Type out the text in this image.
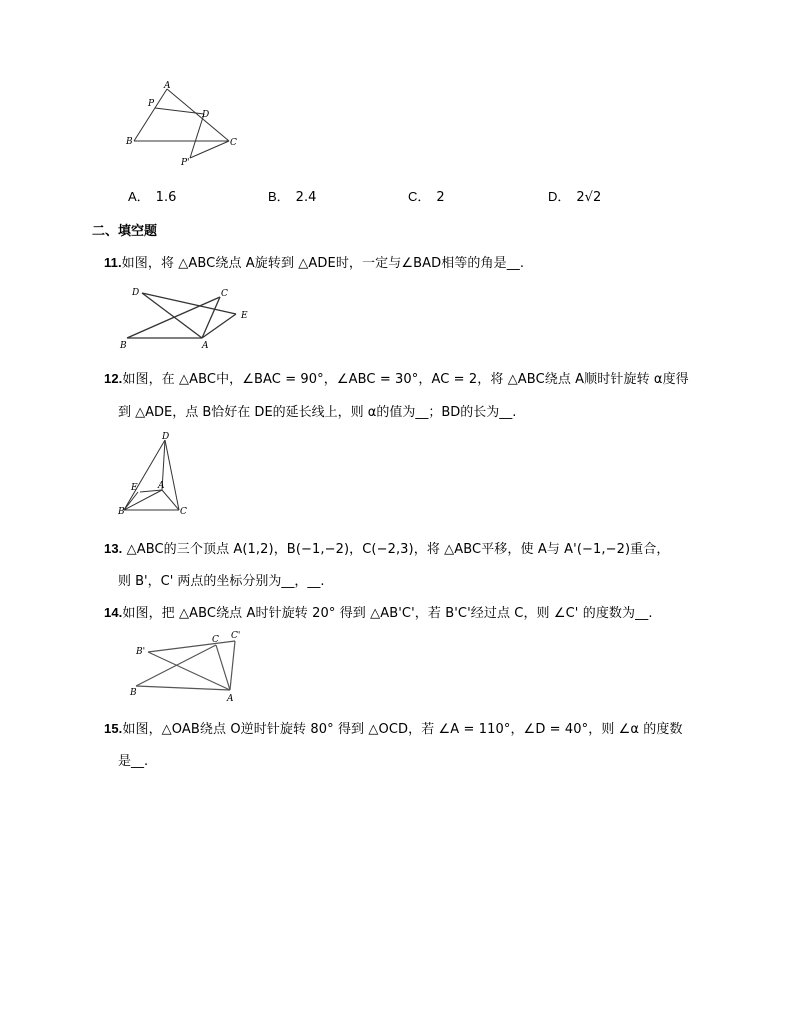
A
P
D
B	C
P'
A． 1.6	B． 2.4	C． 2	D． 2√2
二、填空题
11.如图，将 △ABC绕点 A旋转到 △ADE时，一定与∠BAD相等的角是__.
D	C
E
B	A
12.如图，在 △ABC中，∠BAC = 90°，∠ABC = 30°，AC = 2，将 △ABC绕点 A顺时针旋转 α度得
到 △ADE，点 B恰好在 DE的延长线上，则 α的值为__；BD的长为__.
D
E A
B	C
13. △ABC的三个顶点 A(1,2)，B(−1,−2)，C(−2,3)，将 △ABC平移，使 A与 A'(−1,−2)重合，
则 B'，C' 两点的坐标分别为__，__.
14.如图，把 △ABC绕点 A时针旋转 20° 得到 △AB'C'，若 B'C'经过点 C，则 ∠C' 的度数为__.
B'
C C'
B
A
15.如图，△OAB绕点 O逆时针旋转 80° 得到 △OCD，若 ∠A = 110°，∠D = 40°，则 ∠α 的度数
是__.
